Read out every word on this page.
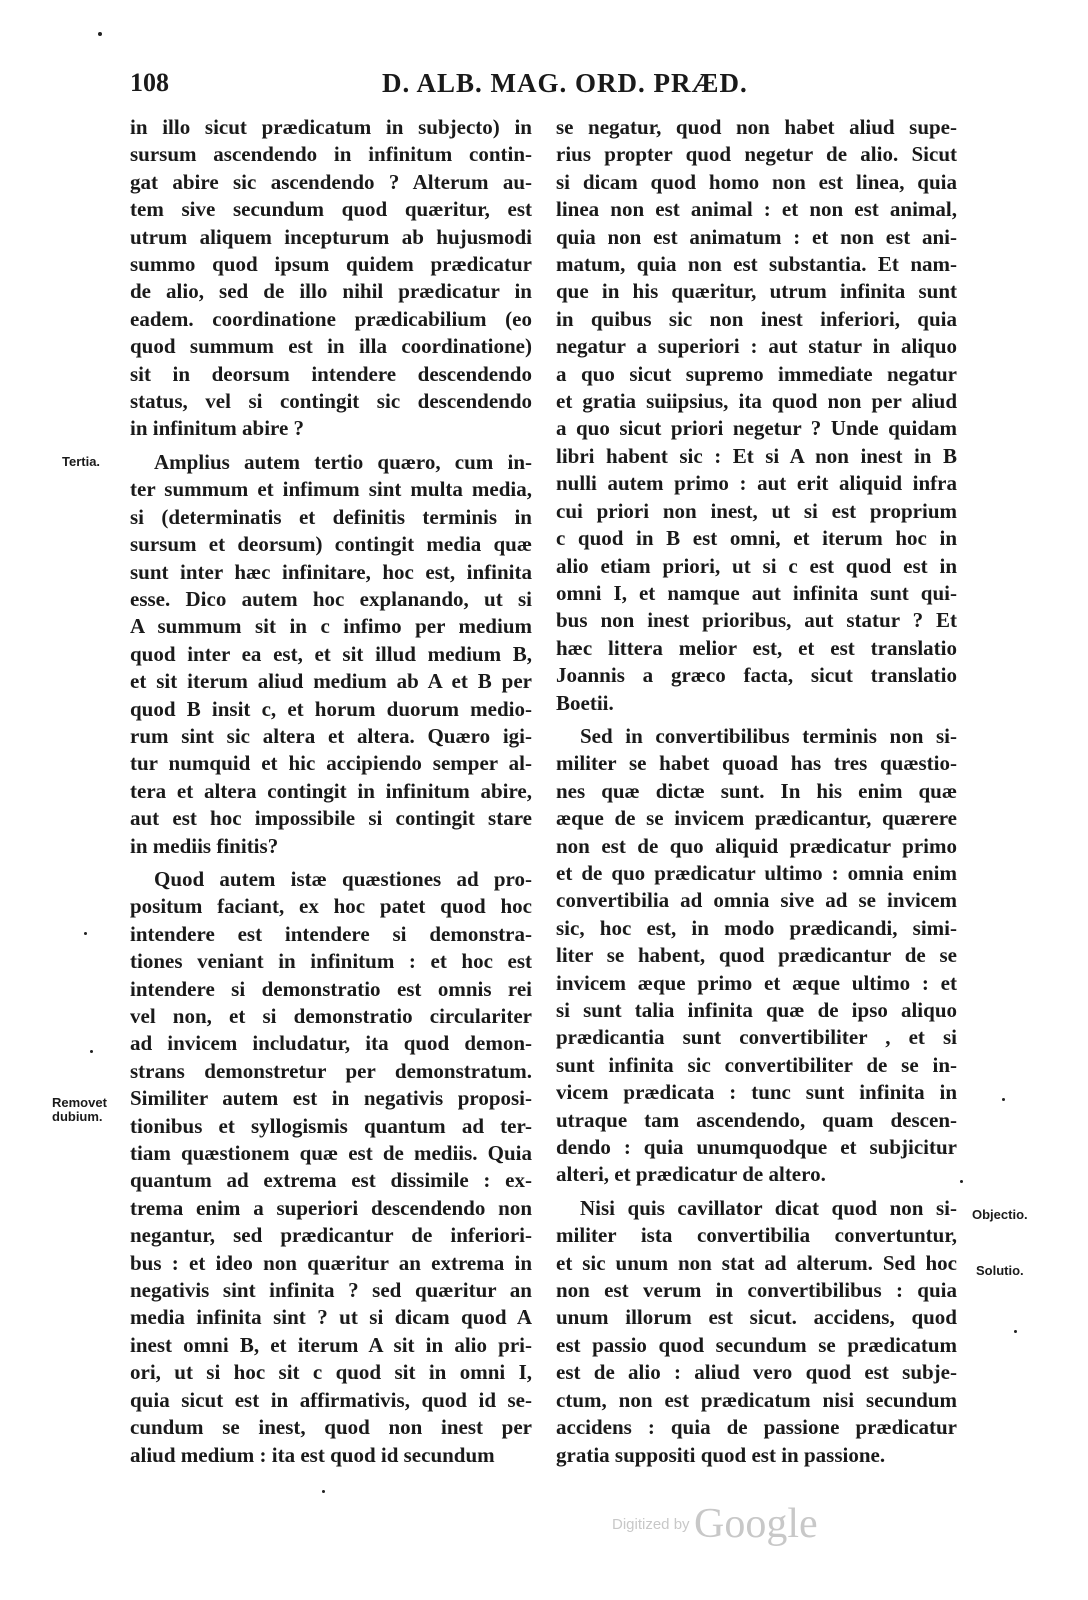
108	D. ALB. MAG. ORD. PRÆD.
in illo sicut prædicatum in subjecto) in
sursum ascendendo in infinitum contin-
gat abire sic ascendendo ? Alterum au-
tem sive secundum quod quæritur, est
utrum aliquem incepturum ab hujusmodi
summo quod ipsum quidem prædicatur
de alio, sed de illo nihil prædicatur in
eadem. coordinatione prædicabilium (eo
quod summum est in illa coordinatione)
sit in deorsum intendere descendendo
status, vel si contingit sic descendendo
in infinitum abire ?
Amplius autem tertio quæro, cum in-
ter summum et infimum sint multa media,
si (determinatis et definitis terminis in
sursum et deorsum) contingit media quæ
sunt inter hæc infinitare, hoc est, infinita
esse. Dico autem hoc explanando, ut si
A summum sit in c infimo per medium
quod inter ea est, et sit illud medium B,
et sit iterum aliud medium ab A et B per
quod B insit c, et horum duorum medio-
rum sint sic altera et altera. Quæro igi-
tur numquid et hic accipiendo semper al-
tera et altera contingit in infinitum abire,
aut est hoc impossibile si contingit stare
in mediis finitis?
Quod autem istæ quæstiones ad pro-
positum faciant, ex hoc patet quod hoc
intendere est intendere si demonstra-
tiones veniant in infinitum : et hoc est
intendere si demonstratio est omnis rei
vel non, et si demonstratio circulariter
ad invicem includatur, ita quod demon-
strans demonstretur per demonstratum.
Similiter autem est in negativis proposi-
tionibus et syllogismis quantum ad ter-
tiam quæstionem quæ est de mediis. Quia
quantum ad extrema est dissimile : ex-
trema enim a superiori descendendo non
negantur, sed prædicantur de inferiori-
bus : et ideo non quæritur an extrema in
negativis sint infinita ? sed quæritur an
media infinita sint ? ut si dicam quod A
inest omni B, et iterum A sit in alio pri-
ori, ut si hoc sit c quod sit in omni I,
quia sicut est in affirmativis, quod id se-
cundum se inest, quod non inest per
aliud medium : ita est quod id secundum
se negatur, quod non habet aliud supe-
rius propter quod negetur de alio. Sicut
si dicam quod homo non est linea, quia
linea non est animal : et non est animal,
quia non est animatum : et non est ani-
matum, quia non est substantia. Et nam-
que in his quæritur, utrum infinita sunt
in quibus sic non inest inferiori, quia
negatur a superiori : aut statur in aliquo
a quo sicut supremo immediate negatur
et gratia suiipsius, ita quod non per aliud
a quo sicut priori negetur ? Unde quidam
libri habent sic : Et si A non inest in B
nulli autem primo : aut erit aliquid infra
cui priori non inest, ut si est proprium
c quod in B est omni, et iterum hoc in
alio etiam priori, ut si c est quod est in
omni I, et namque aut infinita sunt qui-
bus non inest prioribus, aut statur ? Et
hæc littera melior est, et est translatio
Joannis a græco facta, sicut translatio
Boetii.
Sed in convertibilibus terminis non si-
militer se habet quoad has tres quæstio-
nes quæ dictæ sunt. In his enim quæ
æque de se invicem prædicantur, quærere
non est de quo aliquid prædicatur primo
et de quo prædicatur ultimo : omnia enim
convertibilia ad omnia sive ad se invicem
sic, hoc est, in modo prædicandi, simi-
liter se habent, quod prædicantur de se
invicem æque primo et æque ultimo : et
si sunt talia infinita quæ de ipso aliquo
prædicantia sunt convertibiliter , et si
sunt infinita sic convertibiliter de se in-
vicem prædicata : tunc sunt infinita in
utraque tam ascendendo, quam descen-
dendo : quia unumquodque et subjicitur
alteri, et prædicatur de altero.
Nisi quis cavillator dicat quod non si-
militer ista convertibilia convertuntur,
et sic unum non stat ad alterum. Sed hoc
non est verum in convertibilibus : quia
unum illorum est sicut. accidens, quod
est passio quod secundum se prædicatum
est de alio : aliud vero quod est subje-
ctum, non est prædicatum nisi secundum
accidens : quia de passione prædicatur
gratia suppositi quod est in passione.
Tertia.
Removet dubium.
Objectio.
Solutio.
Digitized by Google
